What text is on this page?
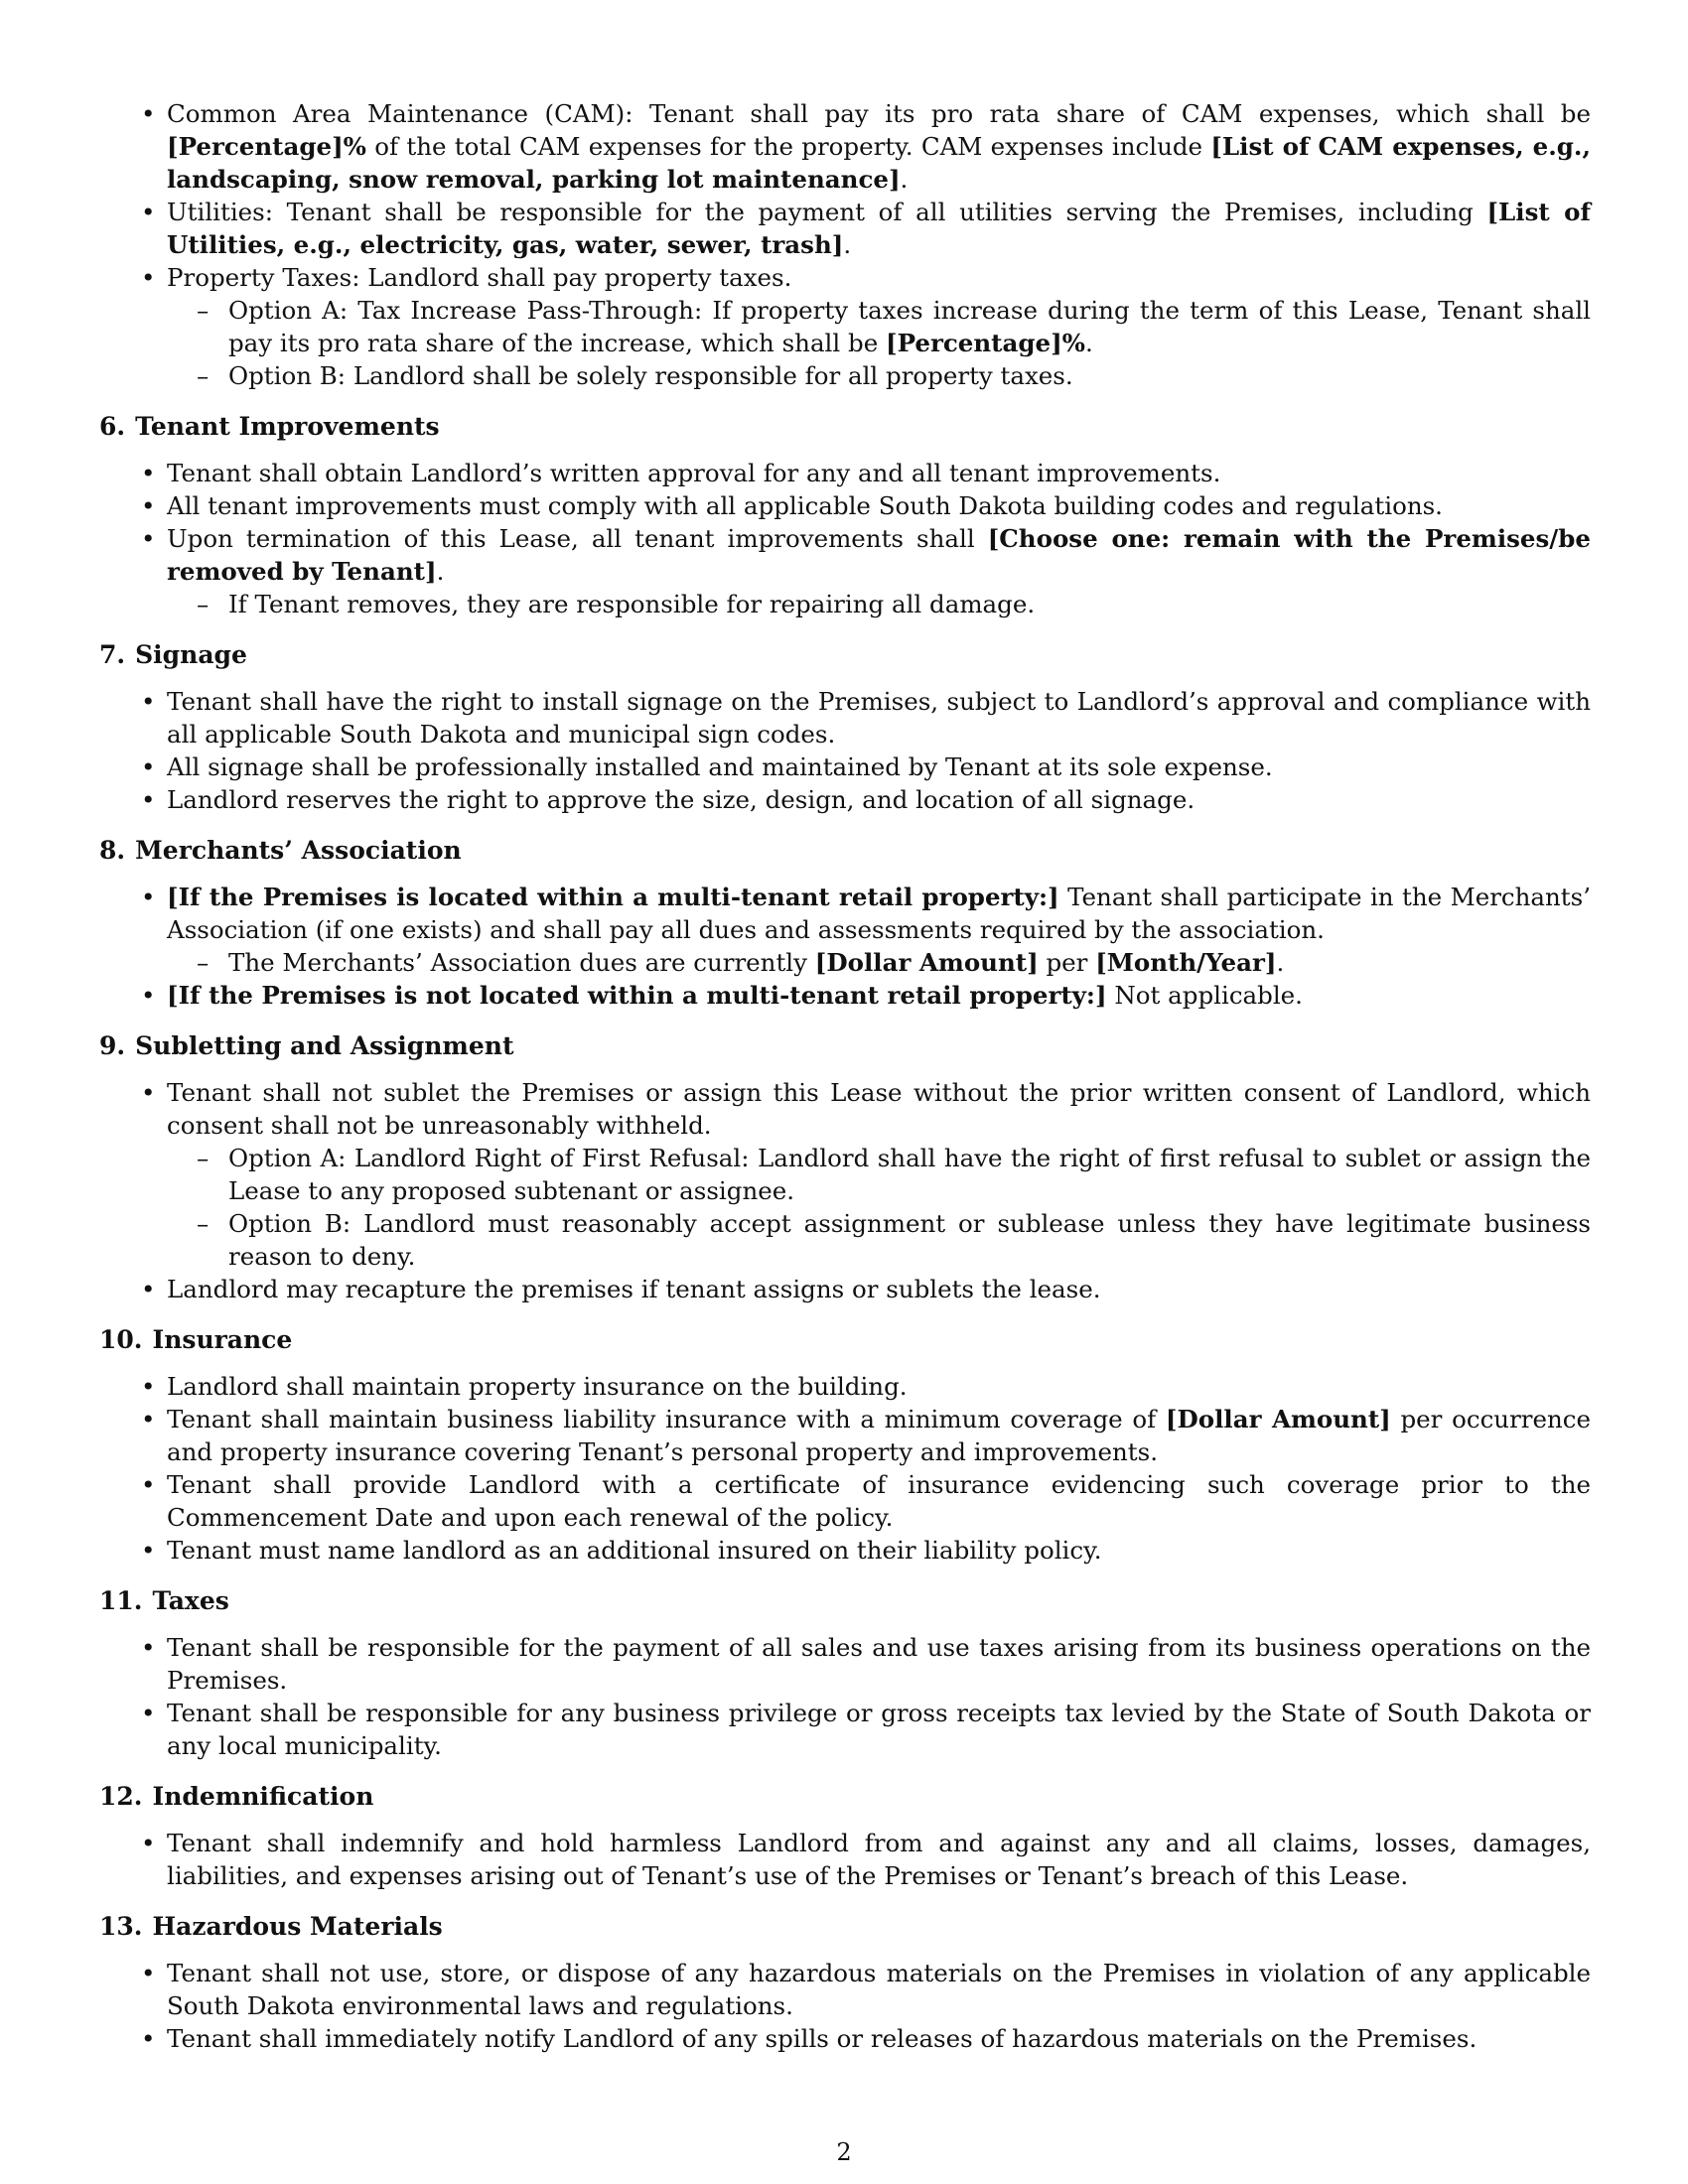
• Common Area Maintenance (CAM): Tenant shall pay its pro rata share of CAM expenses, which shall be [Percentage]% of the total CAM expenses for the property. CAM expenses include [List of CAM expenses, e.g., landscaping, snow removal, parking lot maintenance].
• Utilities: Tenant shall be responsible for the payment of all utilities serving the Premises, including [List of Utilities, e.g., electricity, gas, water, sewer, trash].
• Property Taxes: Landlord shall pay property taxes.
– Option A: Tax Increase Pass-Through: If property taxes increase during the term of this Lease, Tenant shall pay its pro rata share of the increase, which shall be [Percentage]%.
– Option B: Landlord shall be solely responsible for all property taxes.
6. Tenant Improvements
• Tenant shall obtain Landlord’s written approval for any and all tenant improvements.
• All tenant improvements must comply with all applicable South Dakota building codes and regulations.
• Upon termination of this Lease, all tenant improvements shall [Choose one: remain with the Premises/be removed by Tenant].
– If Tenant removes, they are responsible for repairing all damage.
7. Signage
• Tenant shall have the right to install signage on the Premises, subject to Landlord’s approval and compliance with all applicable South Dakota and municipal sign codes.
• All signage shall be professionally installed and maintained by Tenant at its sole expense.
• Landlord reserves the right to approve the size, design, and location of all signage.
8. Merchants’ Association
• [If the Premises is located within a multi-tenant retail property:] Tenant shall participate in the Merchants’ Association (if one exists) and shall pay all dues and assessments required by the association.
– The Merchants’ Association dues are currently [Dollar Amount] per [Month/Year].
• [If the Premises is not located within a multi-tenant retail property:] Not applicable.
9. Subletting and Assignment
• Tenant shall not sublet the Premises or assign this Lease without the prior written consent of Landlord, which consent shall not be unreasonably withheld.
– Option A: Landlord Right of First Refusal: Landlord shall have the right of first refusal to sublet or assign the Lease to any proposed subtenant or assignee.
– Option B: Landlord must reasonably accept assignment or sublease unless they have legitimate business reason to deny.
• Landlord may recapture the premises if tenant assigns or sublets the lease.
10. Insurance
• Landlord shall maintain property insurance on the building.
• Tenant shall maintain business liability insurance with a minimum coverage of [Dollar Amount] per occurrence and property insurance covering Tenant’s personal property and improvements.
• Tenant shall provide Landlord with a certificate of insurance evidencing such coverage prior to the Commencement Date and upon each renewal of the policy.
• Tenant must name landlord as an additional insured on their liability policy.
11. Taxes
• Tenant shall be responsible for the payment of all sales and use taxes arising from its business operations on the Premises.
• Tenant shall be responsible for any business privilege or gross receipts tax levied by the State of South Dakota or any local municipality.
12. Indemnification
• Tenant shall indemnify and hold harmless Landlord from and against any and all claims, losses, damages, liabilities, and expenses arising out of Tenant’s use of the Premises or Tenant’s breach of this Lease.
13. Hazardous Materials
• Tenant shall not use, store, or dispose of any hazardous materials on the Premises in violation of any applicable South Dakota environmental laws and regulations.
• Tenant shall immediately notify Landlord of any spills or releases of hazardous materials on the Premises.
2
